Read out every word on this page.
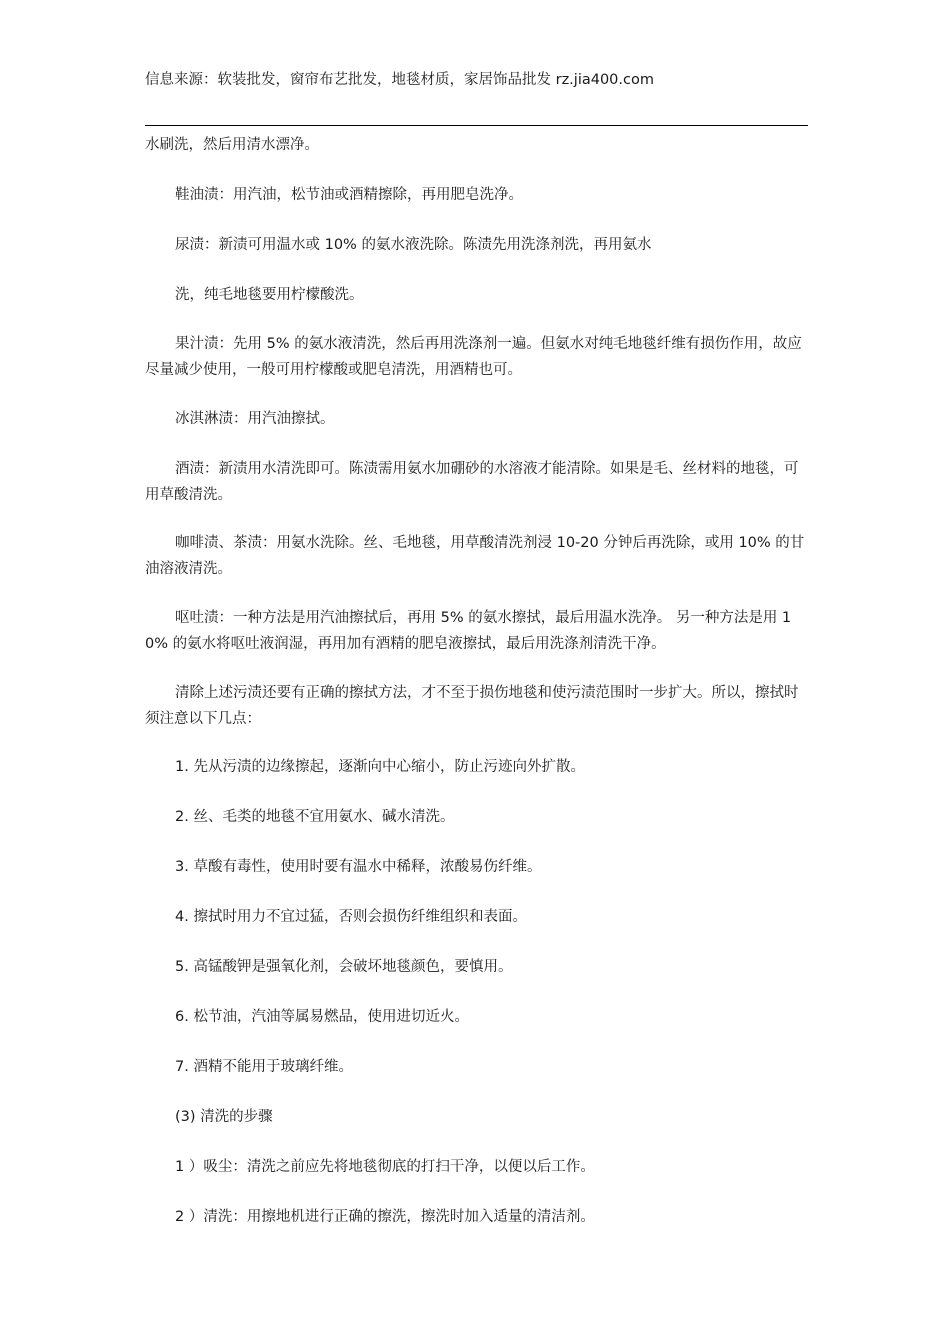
信息来源：软装批发，窗帘布艺批发，地毯材质，家居饰品批发 rz.jia400.com

水刷洗，然后用清水漂净。

鞋油渍：用汽油，松节油或酒精擦除，再用肥皂洗净。

尿渍：新渍可用温水或 10% 的氨水液洗除。陈渍先用洗涤剂洗，再用氨水

洗，纯毛地毯要用柠檬酸洗。

果汁渍：先用 5% 的氨水液清洗，然后再用洗涤剂一遍。但氨水对纯毛地毯纤维有损伤作用，故应尽量减少使用，一般可用柠檬酸或肥皂清洗，用酒精也可。

冰淇淋渍：用汽油擦拭。

酒渍：新渍用水清洗即可。陈渍需用氨水加硼砂的水溶液才能清除。如果是毛、丝材料的地毯，可用草酸清洗。

咖啡渍、茶渍：用氨水洗除。丝、毛地毯，用草酸清洗剂浸 10-20 分钟后再洗除，或用 10% 的甘油溶液清洗。

呕吐渍：一种方法是用汽油擦拭后，再用 5% 的氨水擦拭，最后用温水洗净。 另一种方法是用 10% 的氨水将呕吐液润湿，再用加有酒精的肥皂液擦拭，最后用洗涤剂清洗干净。

清除上述污渍还要有正确的擦拭方法，才不至于损伤地毯和使污渍范围时一步扩大。所以，擦拭时须注意以下几点：

1. 先从污渍的边缘擦起，逐渐向中心缩小，防止污迹向外扩散。

2. 丝、毛类的地毯不宜用氨水、碱水清洗。

3. 草酸有毒性，使用时要有温水中稀释，浓酸易伤纤维。

4. 擦拭时用力不宜过猛，否则会损伤纤维组织和表面。

5. 高锰酸钾是强氧化剂，会破坏地毯颜色，要慎用。

6. 松节油，汽油等属易燃品，使用进切近火。

7. 酒精不能用于玻璃纤维。

(3) 清洗的步骤

1 ）吸尘：清洗之前应先将地毯彻底的打扫干净，以便以后工作。

2 ）清洗：用擦地机进行正确的擦洗，擦洗时加入适量的清洁剂。
